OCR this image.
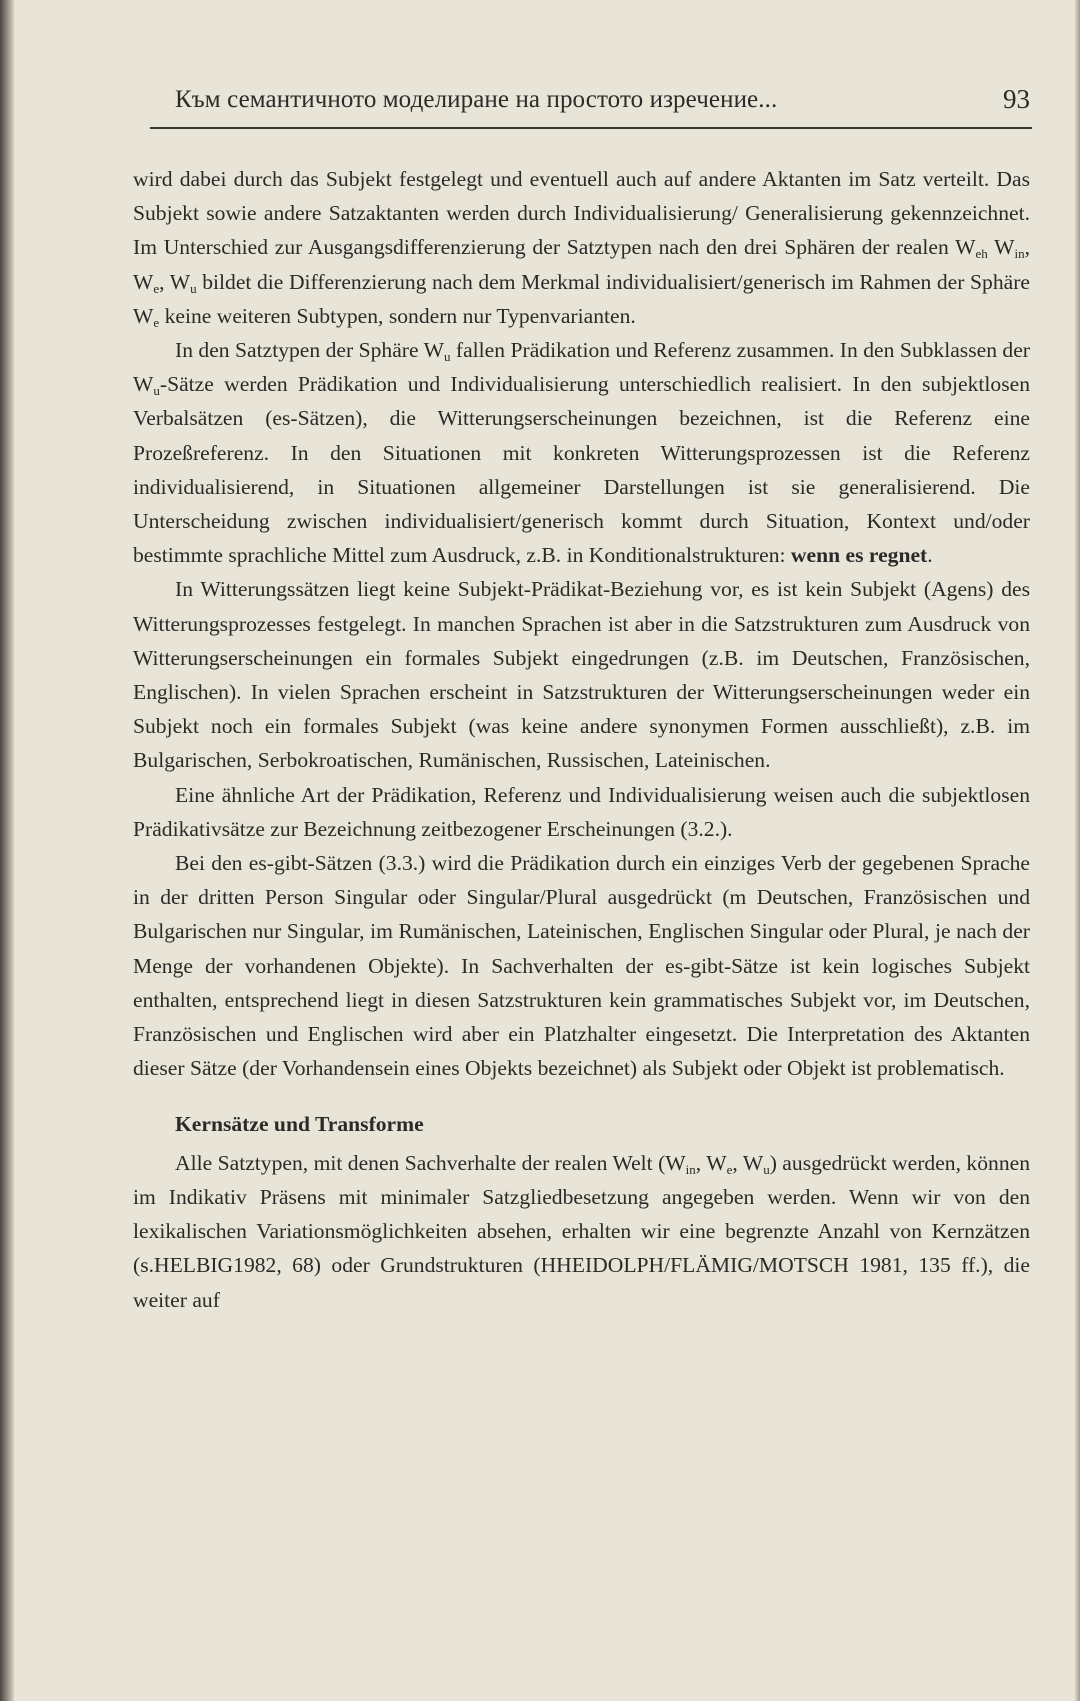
Към семантичното моделиране на простото изречение...	93

wird dabei durch das Subjekt festgelegt und eventuell auch auf andere Aktanten im Satz verteilt. Das Subjekt sowie andere Satzaktanten werden durch Individualisierung/ Generalisierung gekennzeichnet. Im Unterschied zur Ausgangsdifferenzierung der Satztypen nach den drei Sphären der realen $W_{eh}$ $W_{in}$, $W_e$, $W_u$ bildet die Differenzierung nach dem Merkmal individualisiert/generisch im Rahmen der Sphäre $W_e$ keine weiteren Subtypen, sondern nur Typenvarianten.

In den Satztypen der Sphäre $W_u$ fallen Prädikation und Referenz zusammen. In den Subklassen der $W_u$-Sätze werden Prädikation und Individualisierung unterschiedlich realisiert. In den subjektlosen Verbalsätzen (es-Sätzen), die Witterungserscheinungen bezeichnen, ist die Referenz eine Prozeßreferenz. In den Situationen mit konkreten Witterungsprozessen ist die Referenz individualisierend, in Situationen allgemeiner Darstellungen ist sie generalisierend. Die Unterscheidung zwischen individualisiert/generisch kommt durch Situation, Kontext und/oder bestimmte sprachliche Mittel zum Ausdruck, z.B. in Konditionalstrukturen: wenn es regnet.

In Witterungssätzen liegt keine Subjekt-Prädikat-Beziehung vor, es ist kein Subjekt (Agens) des Witterungsprozesses festgelegt. In manchen Sprachen ist aber in die Satzstrukturen zum Ausdruck von Witterungserscheinungen ein formales Subjekt eingedrungen (z.B. im Deutschen, Französischen, Englischen). In vielen Sprachen erscheint in Satzstrukturen der Witterungserscheinungen weder ein Subjekt noch ein formales Subjekt (was keine andere synonymen Formen ausschließt), z.B. im Bulgarischen, Serbokroatischen, Rumänischen, Russischen, Lateinischen.

Eine ähnliche Art der Prädikation, Referenz und Individualisierung weisen auch die subjektlosen Prädikativsätze zur Bezeichnung zeitbezogener Erscheinungen (3.2.).

Bei den es-gibt-Sätzen (3.3.) wird die Prädikation durch ein einziges Verb der gegebenen Sprache in der dritten Person Singular oder Singular/Plural ausgedrückt (m Deutschen, Französischen und Bulgarischen nur Singular, im Rumänischen, Lateinischen, Englischen Singular oder Plural, je nach der Menge der vorhandenen Objekte). In Sachverhalten der es-gibt-Sätze ist kein logisches Subjekt enthalten, entsprechend liegt in diesen Satzstrukturen kein grammatisches Subjekt vor, im Deutschen, Französischen und Englischen wird aber ein Platzhalter eingesetzt. Die Interpretation des Aktanten dieser Sätze (der Vorhandensein eines Objekts bezeichnet) als Subjekt oder Objekt ist problematisch.

Kernsätze und Transforme

Alle Satztypen, mit denen Sachverhalte der realen Welt ($W_{in}$, $W_e$, $W_u$) ausgedrückt werden, können im Indikativ Präsens mit minimaler Satzgliedbesetzung angegeben werden. Wenn wir von den lexikalischen Variationsmöglichkeiten absehen, erhalten wir eine begrenzte Anzahl von Kernzätzen (s.HELBIG1982, 68) oder Grundstrukturen (HHEIDOLPH/FLÄMIG/MOTSCH 1981, 135 ff.), die weiter auf
